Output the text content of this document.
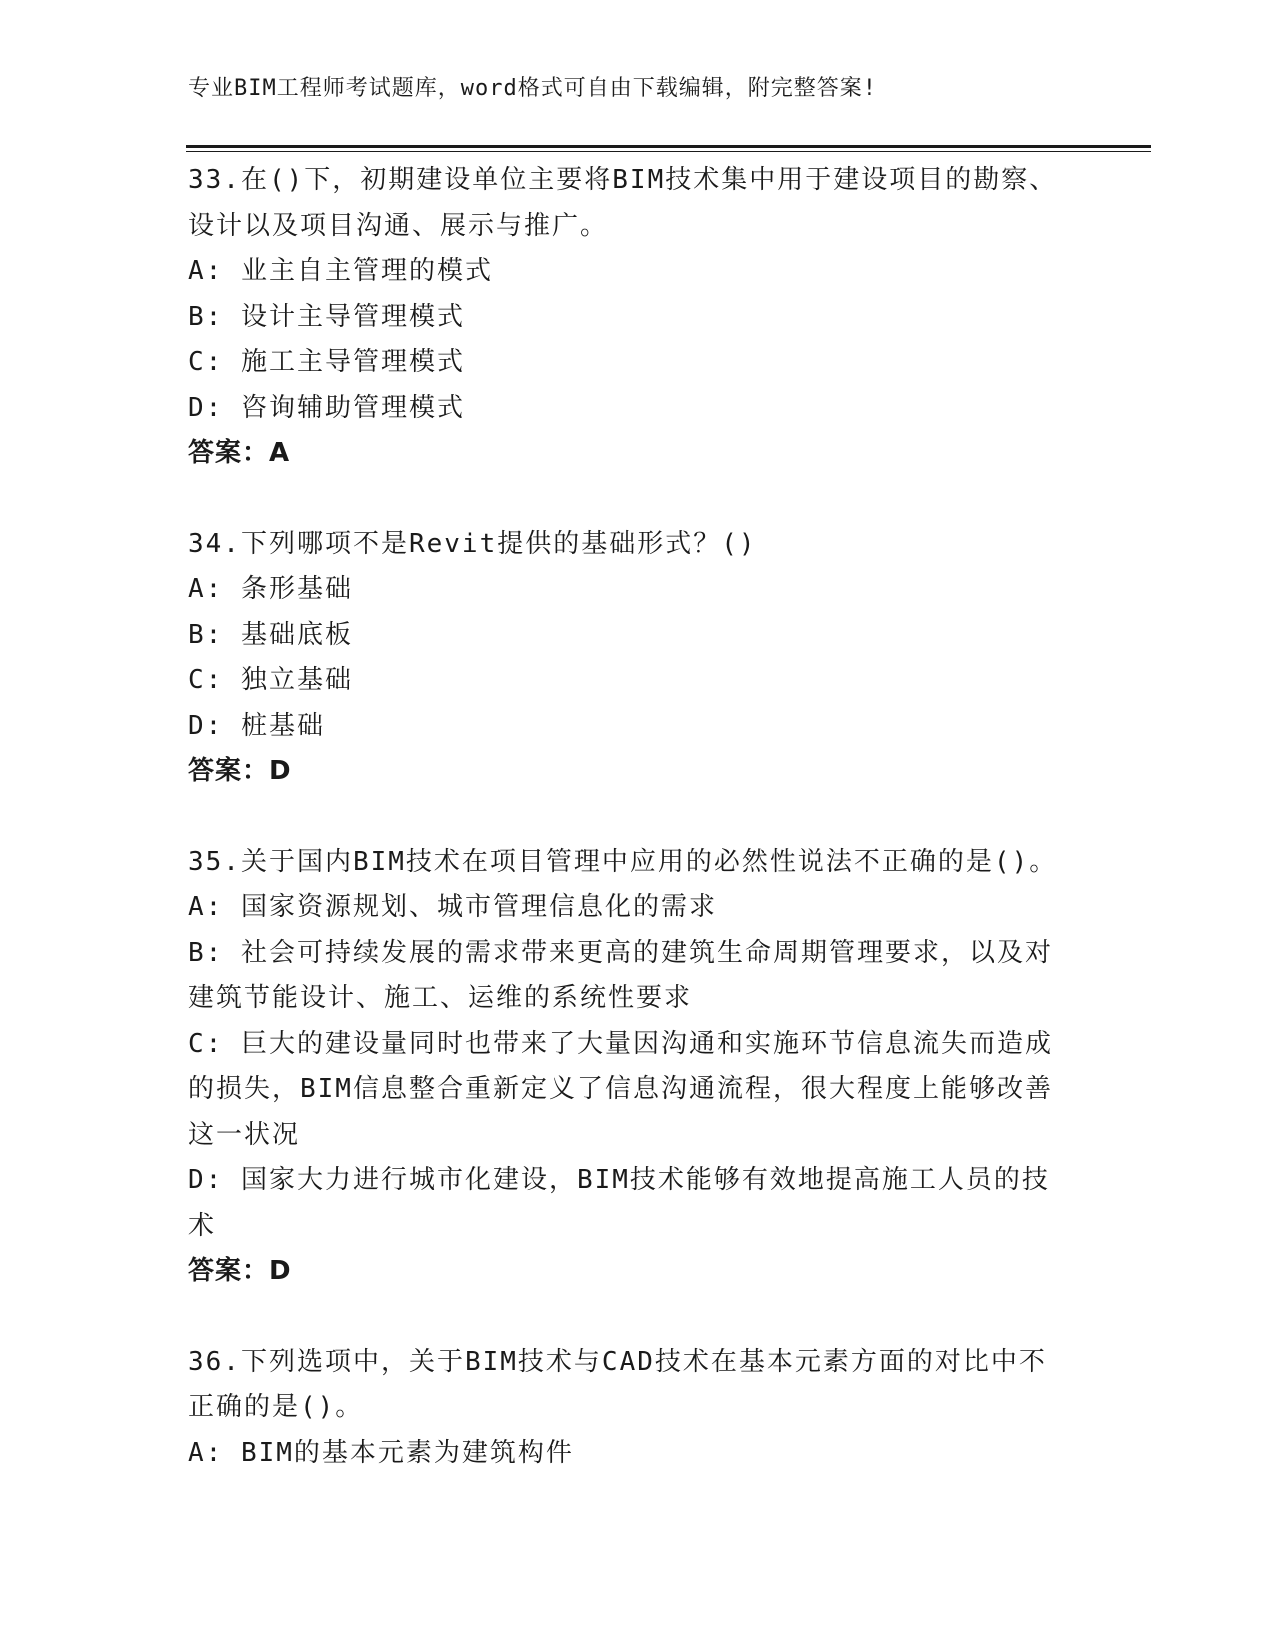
专业BIM工程师考试题库，word格式可自由下载编辑，附完整答案!
33.在()下，初期建设单位主要将BIM技术集中用于建设项目的勘察、
设计以及项目沟通、展示与推广。
A: 业主自主管理的模式
B: 设计主导管理模式
C: 施工主导管理模式
D: 咨询辅助管理模式
答案：A
34.下列哪项不是Revit提供的基础形式？()
A: 条形基础
B: 基础底板
C: 独立基础
D: 桩基础
答案：D
35.关于国内BIM技术在项目管理中应用的必然性说法不正确的是()。
A: 国家资源规划、城市管理信息化的需求
B: 社会可持续发展的需求带来更高的建筑生命周期管理要求，以及对
建筑节能设计、施工、运维的系统性要求
C: 巨大的建设量同时也带来了大量因沟通和实施环节信息流失而造成
的损失，BIM信息整合重新定义了信息沟通流程，很大程度上能够改善
这一状况
D: 国家大力进行城市化建设，BIM技术能够有效地提高施工人员的技
术
答案：D
36.下列选项中，关于BIM技术与CAD技术在基本元素方面的对比中不
正确的是()。
A: BIM的基本元素为建筑构件
